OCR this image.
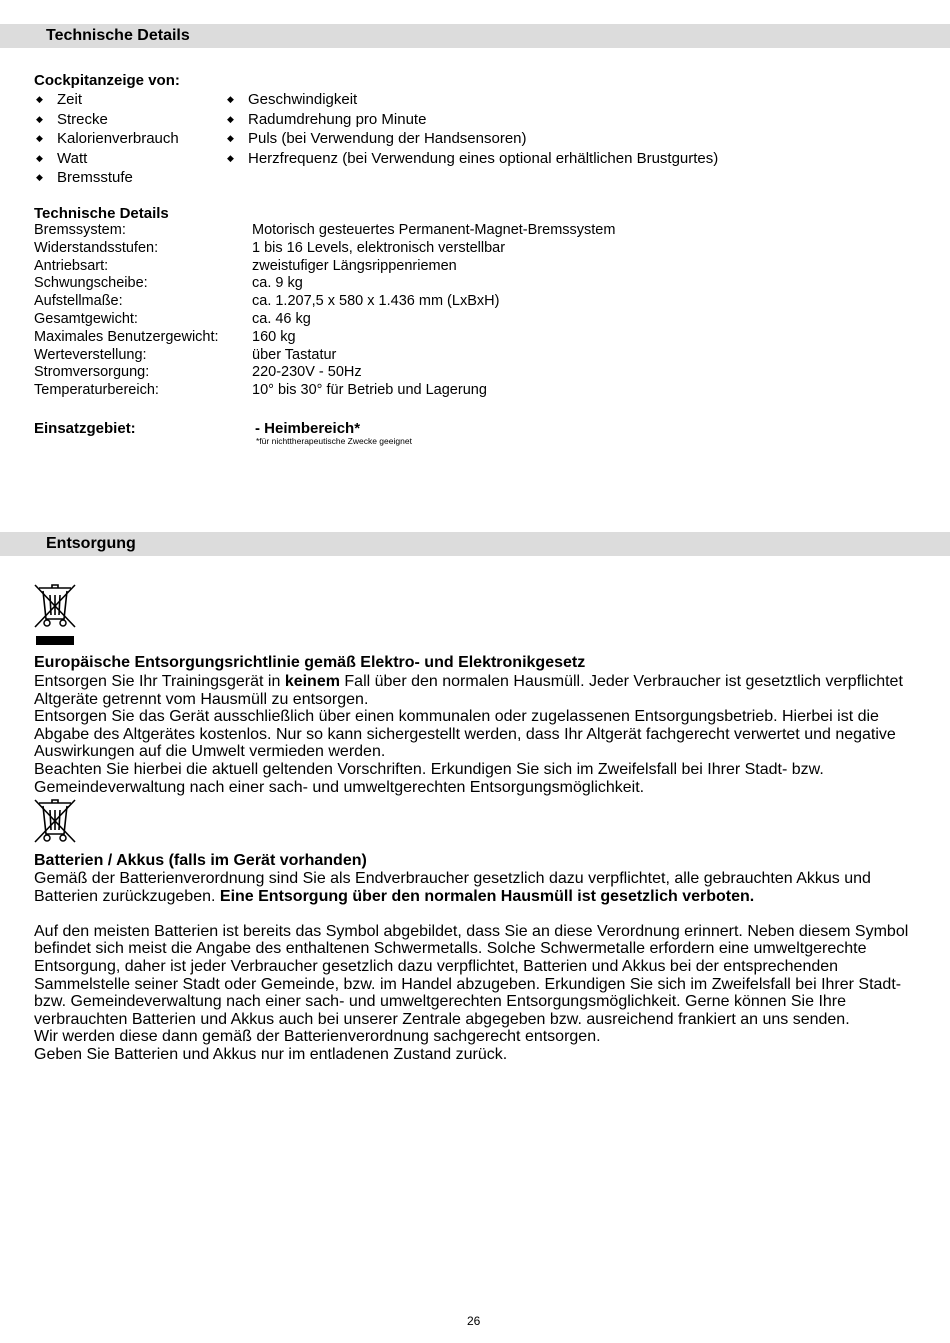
Technische Details
Cockpitanzeige von:
◆ Zeit
◆ Strecke
◆ Kalorienverbrauch
◆ Watt
◆ Bremsstufe
◆ Geschwindigkeit
◆ Radumdrehung pro Minute
◆ Puls (bei Verwendung der Handsensoren)
◆ Herzfrequenz (bei Verwendung eines optional erhältlichen Brustgurtes)
Technische Details
Bremssystem:	Motorisch gesteuertes Permanent-Magnet-Bremssystem
Widerstandsstufen:	1 bis 16 Levels, elektronisch verstellbar
Antriebsart:	zweistufiger Längsrippenriemen
Schwungscheibe:	ca. 9 kg
Aufstellmaße:	ca. 1.207,5 x 580 x 1.436 mm (LxBxH)
Gesamtgewicht:	ca. 46 kg
Maximales Benutzergewicht:	160 kg
Werteverstellung:	über Tastatur
Stromversorgung:	220-230V - 50Hz
Temperaturbereich:	10° bis 30° für Betrieb und Lagerung
Einsatzgebiet:	- Heimbereich*
*für nichttherapeutische Zwecke geeignet
Entsorgung
Europäische Entsorgungsrichtlinie gemäß Elektro- und Elektronikgesetz

Entsorgen Sie Ihr Trainingsgerät in keinem Fall über den normalen Hausmüll. Jeder Verbraucher ist gesetztlich verpflichtet Altgeräte getrennt vom Hausmüll zu entsorgen.

Entsorgen Sie das Gerät ausschließlich über einen kommunalen oder zugelassenen Entsorgungsbetrieb. Hierbei ist die Abgabe des Altgerätes kostenlos. Nur so kann sichergestellt werden, dass Ihr Altgerät fachgerecht verwertet und negative Auswirkungen auf die Umwelt vermieden werden.

Beachten Sie hierbei die aktuell geltenden Vorschriften. Erkundigen Sie sich im Zweifelsfall bei Ihrer Stadt- bzw. Gemeindeverwaltung nach einer sach- und umweltgerechten Entsorgungsmöglichkeit.

Batterien / Akkus (falls im Gerät vorhanden)

Gemäß der Batterienverordnung sind Sie als Endverbraucher gesetzlich dazu verpflichtet, alle gebrauchten Akkus und Batterien zurückzugeben. Eine Entsorgung über den normalen Hausmüll ist gesetzlich verboten.

Auf den meisten Batterien ist bereits das Symbol abgebildet, dass Sie an diese Verordnung erinnert. Neben diesem Symbol befindet sich meist die Angabe des enthaltenen Schwermetalls. Solche Schwermetalle erfordern eine umweltgerechte Entsorgung, daher ist jeder Verbraucher gesetzlich dazu verpflichtet, Batterien und Akkus bei der entsprechenden Sammelstelle seiner Stadt oder Gemeinde, bzw. im Handel abzugeben. Erkundigen Sie sich im Zweifelsfall bei Ihrer Stadt- bzw. Gemeindeverwaltung nach einer sach- und umweltgerechten Entsorgungsmöglichkeit. Gerne können Sie Ihre verbrauchten Batterien und Akkus auch bei unserer Zentrale abgegeben bzw. ausreichend frankiert an uns senden.

Wir werden diese dann gemäß der Batterienverordnung sachgerecht entsorgen.

Geben Sie Batterien und Akkus nur im entladenen Zustand zurück.

26
